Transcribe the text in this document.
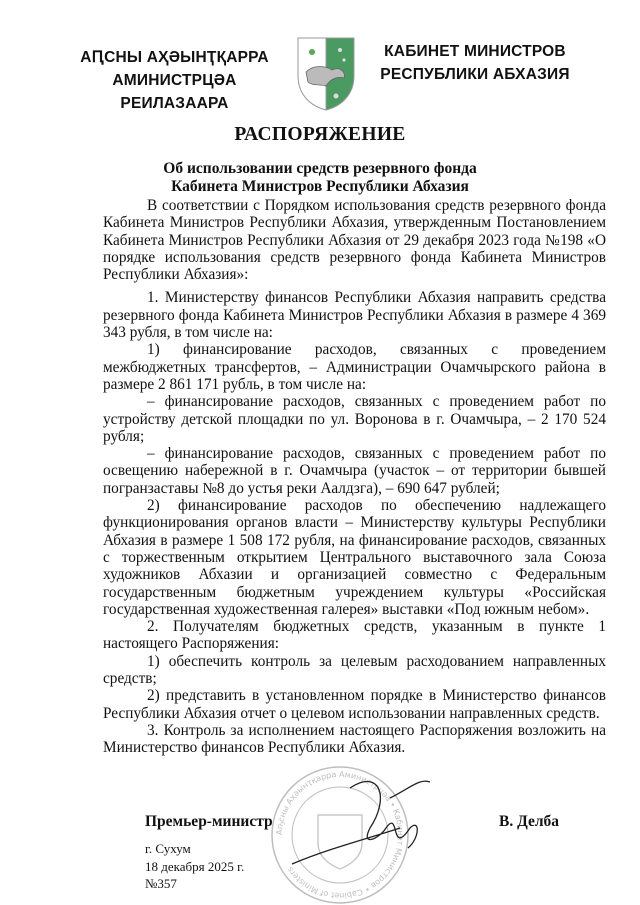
АԤСНЫ АҲӘЫНҬҚАРРА
АМИНИСТРЦӘА РЕИЛАЗААРА
КАБИНЕТ МИНИСТРОВ
РЕСПУБЛИКИ АБХАЗИЯ
РАСПОРЯЖЕНИЕ
Об использовании средств резервного фонда
Кабинета Министров Республики Абхазия

В соответствии с Порядком использования средств резервного фонда Кабинета Министров Республики Абхазия, утвержденным Постановлением Кабинета Министров Республики Абхазия от 29 декабря 2023 года №198 «О порядке использования средств резервного фонда Кабинета Министров Республики Абхазия»:

1. Министерству финансов Республики Абхазия направить средства резервного фонда Кабинета Министров Республики Абхазия в размере 4 369 343 рубля, в том числе на:

1) финансирование расходов, связанных с проведением межбюджетных трансфертов, – Администрации Очамчырского района в размере 2 861 171 рубль, в том числе на:

– финансирование расходов, связанных с проведением работ по устройству детской площадки по ул. Воронова в г. Очамчыра, – 2 170 524 рубля;

– финансирование расходов, связанных с проведением работ по освещению набережной в г. Очамчыра (участок – от территории бывшей погранзаставы №8 до устья реки Аалдзга), – 690 647 рублей;

2) финансирование расходов по обеспечению надлежащего функционирования органов власти – Министерству культуры Республики Абхазия в размере 1 508 172 рубля, на финансирование расходов, связанных с торжественным открытием Центрального выставочного зала Союза художников Абхазии и организацией совместно с Федеральным государственным бюджетным учреждением культуры «Российская государственная художественная галерея» выставки «Под южным небом».

2. Получателям бюджетных средств, указанным в пункте 1 настоящего Распоряжения:

1) обеспечить контроль за целевым расходованием направленных средств;

2) представить в установленном порядке в Министерство финансов Республики Абхазия отчет о целевом использовании направленных средств.

3. Контроль за исполнением настоящего Распоряжения возложить на Министерство финансов Республики Абхазия.

Аҧсны Аҳәынҭқарра Аминистрцәа • Кабинет Министров • Cabinet of Ministers
Премьер-министр	В. Делба
г. Сухум
18 декабря 2025 г.
№357
